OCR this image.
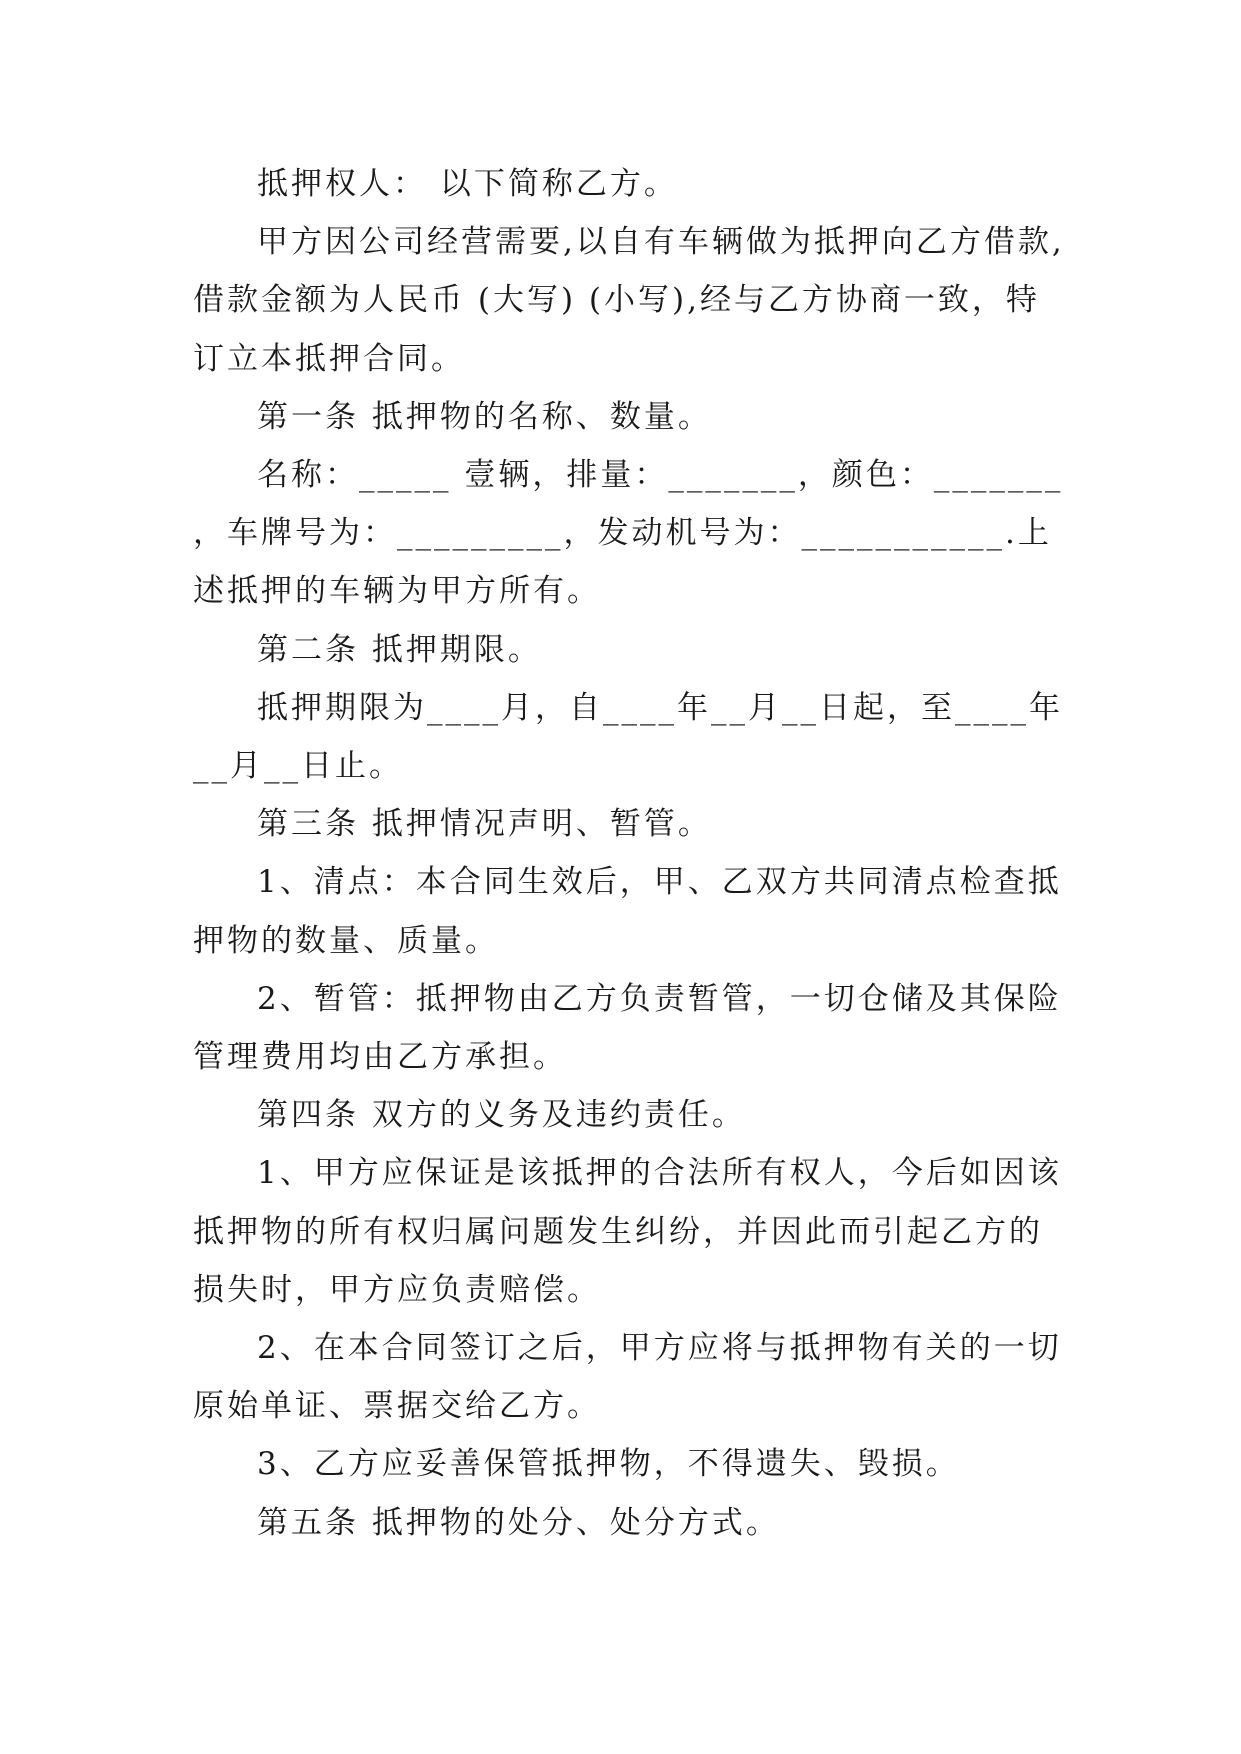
抵押权人： 以下简称乙方。

甲方因公司经营需要,以自有车辆做为抵押向乙方借款,借款金额为人民币 (大写) (小写),经与乙方协商一致，特订立本抵押合同。

第一条 抵押物的名称、数量。

名称：_____ 壹辆，排量：_______，颜色：_______ ，车牌号为：_________，发动机号为：___________.上述抵押的车辆为甲方所有。

第二条 抵押期限。

抵押期限为____月，自____年__月__日起，至____年__月__日止。

第三条 抵押情况声明、暂管。

1、清点：本合同生效后，甲、乙双方共同清点检查抵押物的数量、质量。

2、暂管：抵押物由乙方负责暂管，一切仓储及其保险管理费用均由乙方承担。

第四条 双方的义务及违约责任。

1、甲方应保证是该抵押的合法所有权人，今后如因该抵押物的所有权归属问题发生纠纷，并因此而引起乙方的损失时，甲方应负责赔偿。

2、在本合同签订之后，甲方应将与抵押物有关的一切原始单证、票据交给乙方。

3、乙方应妥善保管抵押物，不得遗失、毁损。

第五条 抵押物的处分、处分方式。
